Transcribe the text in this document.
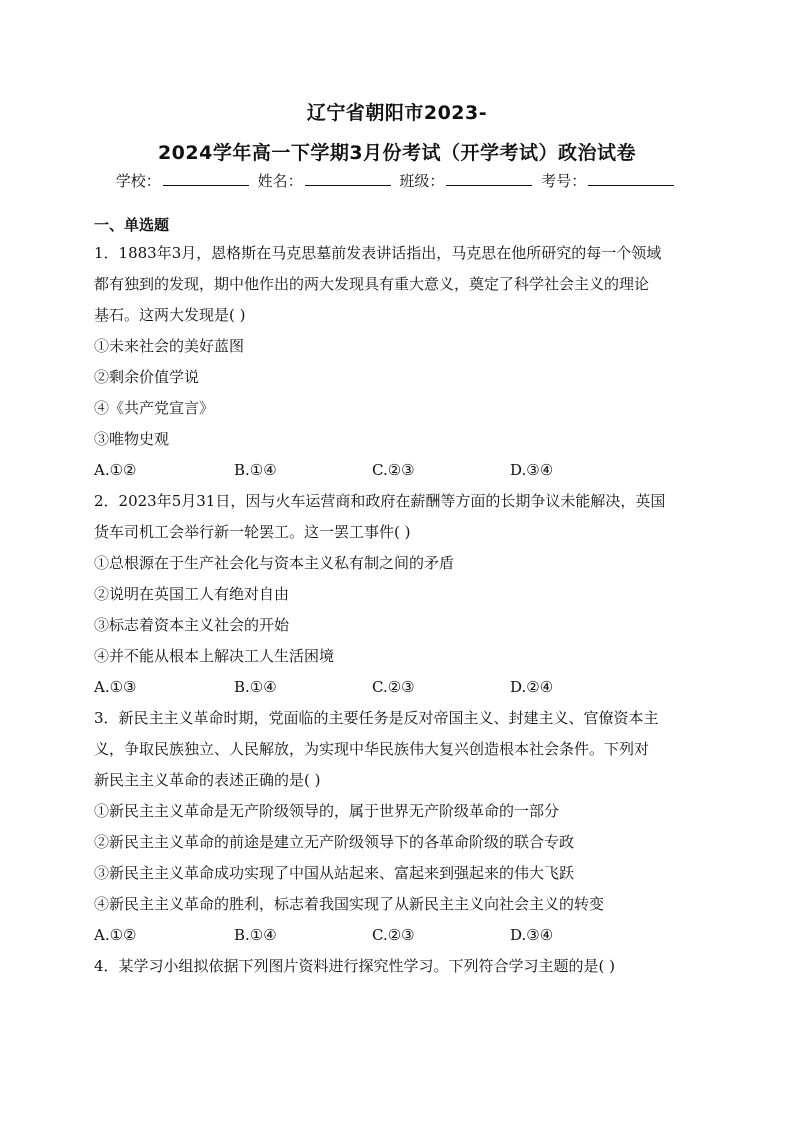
辽宁省朝阳市2023-
2024学年高一下学期3月份考试（开学考试）政治试卷
学校：	姓名：	班级：	考号：
一、单选题
1．1883年3月，恩格斯在马克思墓前发表讲话指出，马克思在他所研究的每一个领域
都有独到的发现，期中他作出的两大发现具有重大意义，奠定了科学社会主义的理论
基石。这两大发现是( )
①未来社会的美好蓝图
②剩余价值学说
④《共产党宣言》
③唯物史观
A.①②	B.①④	C.②③	D.③④
2．2023年5月31日，因与火车运营商和政府在薪酬等方面的长期争议未能解决，英国
货车司机工会举行新一轮罢工。这一罢工事件( )
①总根源在于生产社会化与资本主义私有制之间的矛盾
②说明在英国工人有绝对自由
③标志着资本主义社会的开始
④并不能从根本上解决工人生活困境
A.①③	B.①④	C.②③	D.②④
3．新民主主义革命时期，党面临的主要任务是反对帝国主义、封建主义、官僚资本主
义，争取民族独立、人民解放，为实现中华民族伟大复兴创造根本社会条件。下列对
新民主主义革命的表述正确的是( )
①新民主主义革命是无产阶级领导的，属于世界无产阶级革命的一部分
②新民主主义革命的前途是建立无产阶级领导下的各革命阶级的联合专政
③新民主主义革命成功实现了中国从站起来、富起来到强起来的伟大飞跃
④新民主主义革命的胜利，标志着我国实现了从新民主主义向社会主义的转变
A.①②	B.①④	C.②③	D.③④
4．某学习小组拟依据下列图片资料进行探究性学习。下列符合学习主题的是( )
